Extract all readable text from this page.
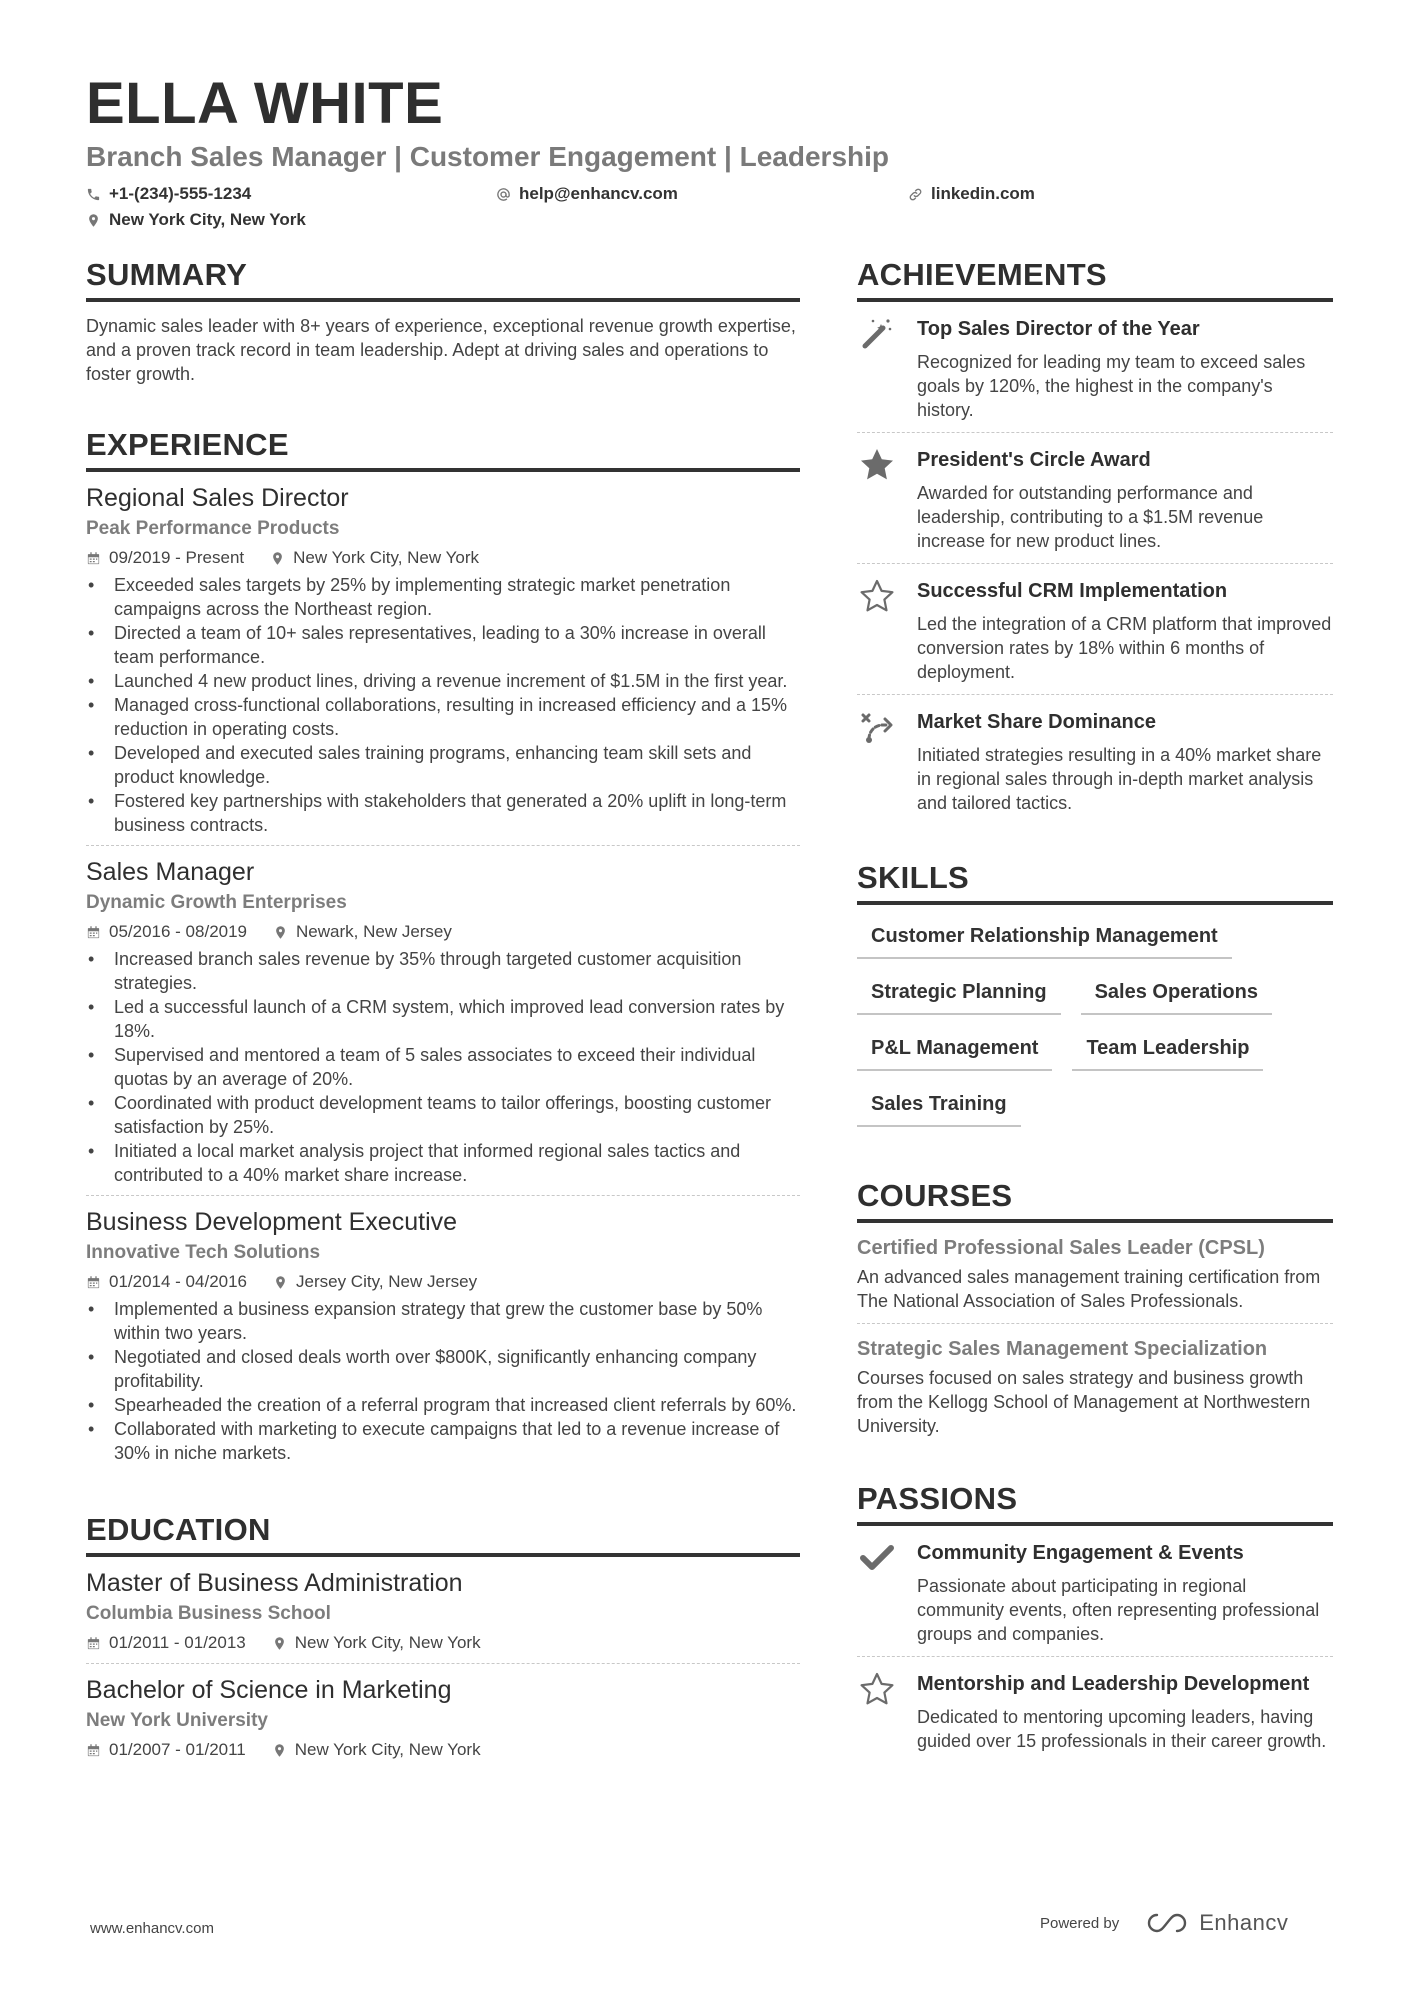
ELLA WHITE
Branch Sales Manager | Customer Engagement | Leadership
+1-(234)-555-1234	help@enhancv.com	linkedin.com
New York City, New York
SUMMARY
Dynamic sales leader with 8+ years of experience, exceptional revenue growth expertise, and a proven track record in team leadership. Adept at driving sales and operations to foster growth.
EXPERIENCE
Regional Sales Director
Peak Performance Products
09/2019 - Present	New York City, New York
• Exceeded sales targets by 25% by implementing strategic market penetration campaigns across the Northeast region.
• Directed a team of 10+ sales representatives, leading to a 30% increase in overall team performance.
• Launched 4 new product lines, driving a revenue increment of $1.5M in the first year.
• Managed cross-functional collaborations, resulting in increased efficiency and a 15% reduction in operating costs.
• Developed and executed sales training programs, enhancing team skill sets and product knowledge.
• Fostered key partnerships with stakeholders that generated a 20% uplift in long-term business contracts.
Sales Manager
Dynamic Growth Enterprises
05/2016 - 08/2019	Newark, New Jersey
• Increased branch sales revenue by 35% through targeted customer acquisition strategies.
• Led a successful launch of a CRM system, which improved lead conversion rates by 18%.
• Supervised and mentored a team of 5 sales associates to exceed their individual quotas by an average of 20%.
• Coordinated with product development teams to tailor offerings, boosting customer satisfaction by 25%.
• Initiated a local market analysis project that informed regional sales tactics and contributed to a 40% market share increase.
Business Development Executive
Innovative Tech Solutions
01/2014 - 04/2016	Jersey City, New Jersey
• Implemented a business expansion strategy that grew the customer base by 50% within two years.
• Negotiated and closed deals worth over $800K, significantly enhancing company profitability.
• Spearheaded the creation of a referral program that increased client referrals by 60%.
• Collaborated with marketing to execute campaigns that led to a revenue increase of 30% in niche markets.
EDUCATION
Master of Business Administration
Columbia Business School
01/2011 - 01/2013	New York City, New York
Bachelor of Science in Marketing
New York University
01/2007 - 01/2011	New York City, New York
ACHIEVEMENTS
Top Sales Director of the Year
Recognized for leading my team to exceed sales goals by 120%, the highest in the company's history.
President's Circle Award
Awarded for outstanding performance and leadership, contributing to a $1.5M revenue increase for new product lines.
Successful CRM Implementation
Led the integration of a CRM platform that improved conversion rates by 18% within 6 months of deployment.
Market Share Dominance
Initiated strategies resulting in a 40% market share in regional sales through in-depth market analysis and tailored tactics.
SKILLS
Customer Relationship Management
Strategic Planning	Sales Operations
P&L Management	Team Leadership
Sales Training
COURSES
Certified Professional Sales Leader (CPSL)
An advanced sales management training certification from The National Association of Sales Professionals.
Strategic Sales Management Specialization
Courses focused on sales strategy and business growth from the Kellogg School of Management at Northwestern University.
PASSIONS
Community Engagement & Events
Passionate about participating in regional community events, often representing professional groups and companies.
Mentorship and Leadership Development
Dedicated to mentoring upcoming leaders, having guided over 15 professionals in their career growth.
www.enhancv.com	Powered by	Enhancv
